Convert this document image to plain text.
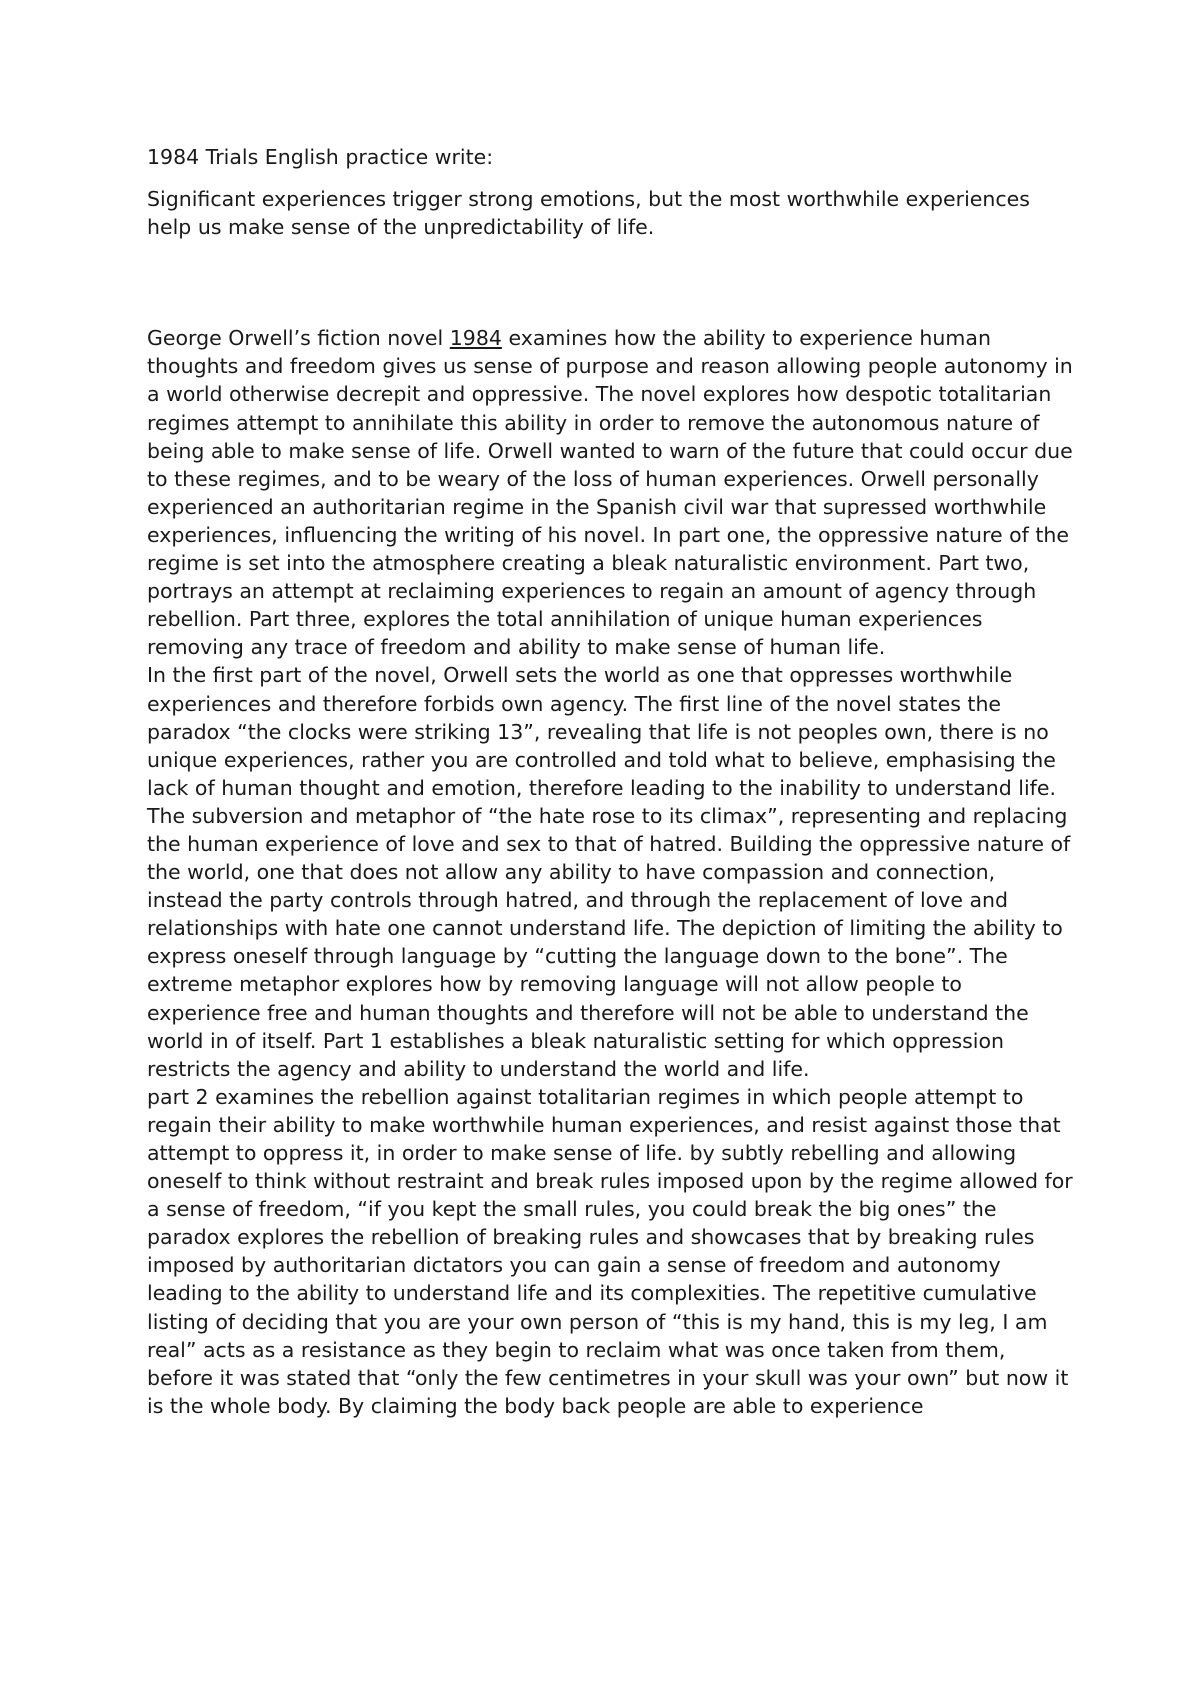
1984 Trials English practice write:

Significant experiences trigger strong emotions, but the most worthwhile experiences help us make sense of the unpredictability of life.

George Orwell’s fiction novel 1984 examines how the ability to experience human thoughts and freedom gives us sense of purpose and reason allowing people autonomy in a world otherwise decrepit and oppressive. The novel explores how despotic totalitarian regimes attempt to annihilate this ability in order to remove the autonomous nature of being able to make sense of life. Orwell wanted to warn of the future that could occur due to these regimes, and to be weary of the loss of human experiences. Orwell personally experienced an authoritarian regime in the Spanish civil war that supressed worthwhile experiences, influencing the writing of his novel. In part one, the oppressive nature of the regime is set into the atmosphere creating a bleak naturalistic environment. Part two, portrays an attempt at reclaiming experiences to regain an amount of agency through rebellion. Part three, explores the total annihilation of unique human experiences removing any trace of freedom and ability to make sense of human life.

In the first part of the novel, Orwell sets the world as one that oppresses worthwhile experiences and therefore forbids own agency. The first line of the novel states the paradox “the clocks were striking 13”, revealing that life is not peoples own, there is no unique experiences, rather you are controlled and told what to believe, emphasising the lack of human thought and emotion, therefore leading to the inability to understand life. The subversion and metaphor of “the hate rose to its climax”, representing and replacing the human experience of love and sex to that of hatred. Building the oppressive nature of the world, one that does not allow any ability to have compassion and connection, instead the party controls through hatred, and through the replacement of love and relationships with hate one cannot understand life. The depiction of limiting the ability to express oneself through language by “cutting the language down to the bone”. The extreme metaphor explores how by removing language will not allow people to experience free and human thoughts and therefore will not be able to understand the world in of itself. Part 1 establishes a bleak naturalistic setting for which oppression restricts the agency and ability to understand the world and life.

part 2 examines the rebellion against totalitarian regimes in which people attempt to regain their ability to make worthwhile human experiences, and resist against those that attempt to oppress it, in order to make sense of life. by subtly rebelling and allowing oneself to think without restraint and break rules imposed upon by the regime allowed for a sense of freedom, “if you kept the small rules, you could break the big ones” the paradox explores the rebellion of breaking rules and showcases that by breaking rules imposed by authoritarian dictators you can gain a sense of freedom and autonomy leading to the ability to understand life and its complexities. The repetitive cumulative listing of deciding that you are your own person of “this is my hand, this is my leg, I am real” acts as a resistance as they begin to reclaim what was once taken from them, before it was stated that “only the few centimetres in your skull was your own” but now it is the whole body. By claiming the body back people are able to experience
